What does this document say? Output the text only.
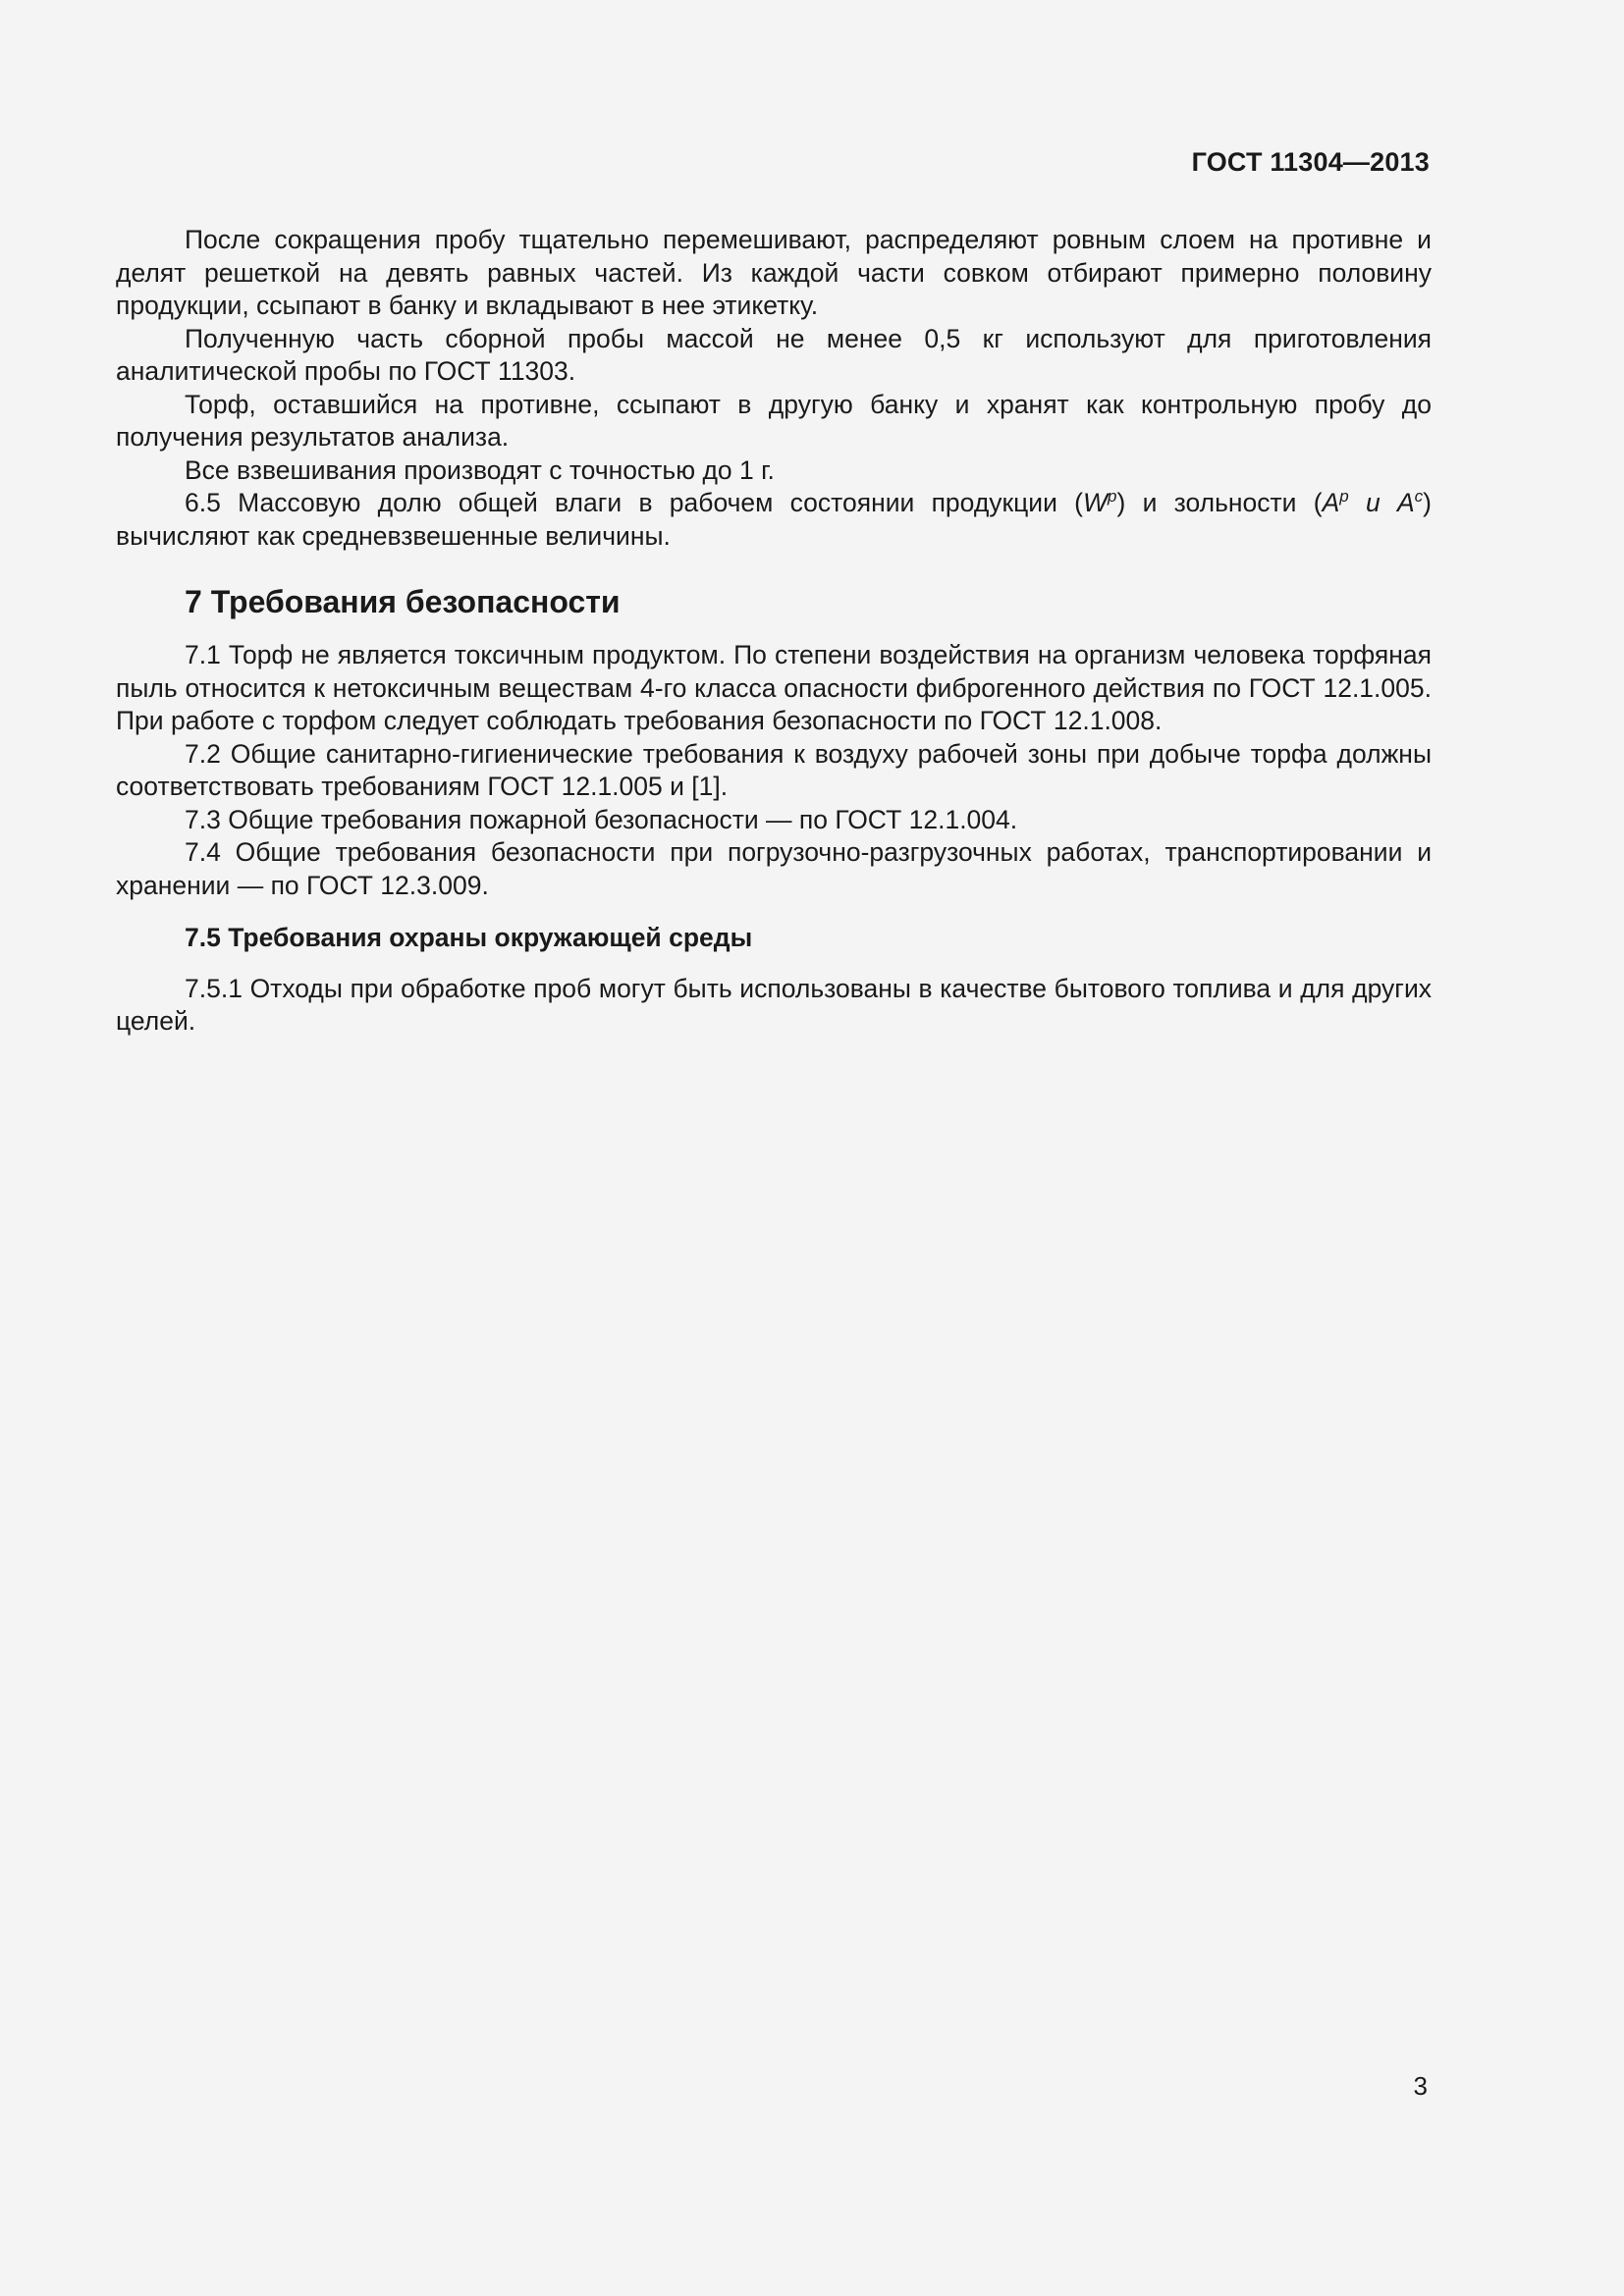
ГОСТ 11304—2013

После сокращения пробу тщательно перемешивают, распределяют ровным слоем на противне и делят решеткой на девять равных частей. Из каждой части совком отбирают примерно половину продукции, ссыпают в банку и вкладывают в нее этикетку.

Полученную часть сборной пробы массой не менее 0,5 кг используют для приготовления аналитической пробы по ГОСТ 11303.

Торф, оставшийся на противне, ссыпают в другую банку и хранят как контрольную пробу до получения результатов анализа.

Все взвешивания производят с точностью до 1 г.

6.5 Массовую долю общей влаги в рабочем состоянии продукции $(W^p)$ и зольности ($A^p$ и $A^c$) вычисляют как средневзвешенные величины.

7 Требования безопасности

7.1 Торф не является токсичным продуктом. По степени воздействия на организм человека торфяная пыль относится к нетоксичным веществам 4-го класса опасности фиброгенного действия по ГОСТ 12.1.005. При работе с торфом следует соблюдать требования безопасности по ГОСТ 12.1.008.

7.2 Общие санитарно-гигиенические требования к воздуху рабочей зоны при добыче торфа должны соответствовать требованиям ГОСТ 12.1.005 и [1].

7.3 Общие требования пожарной безопасности — по ГОСТ 12.1.004.

7.4 Общие требования безопасности при погрузочно-разгрузочных работах, транспортировании и хранении — по ГОСТ 12.3.009.

7.5 Требования охраны окружающей среды

7.5.1 Отходы при обработке проб могут быть использованы в качестве бытового топлива и для других целей.

3
